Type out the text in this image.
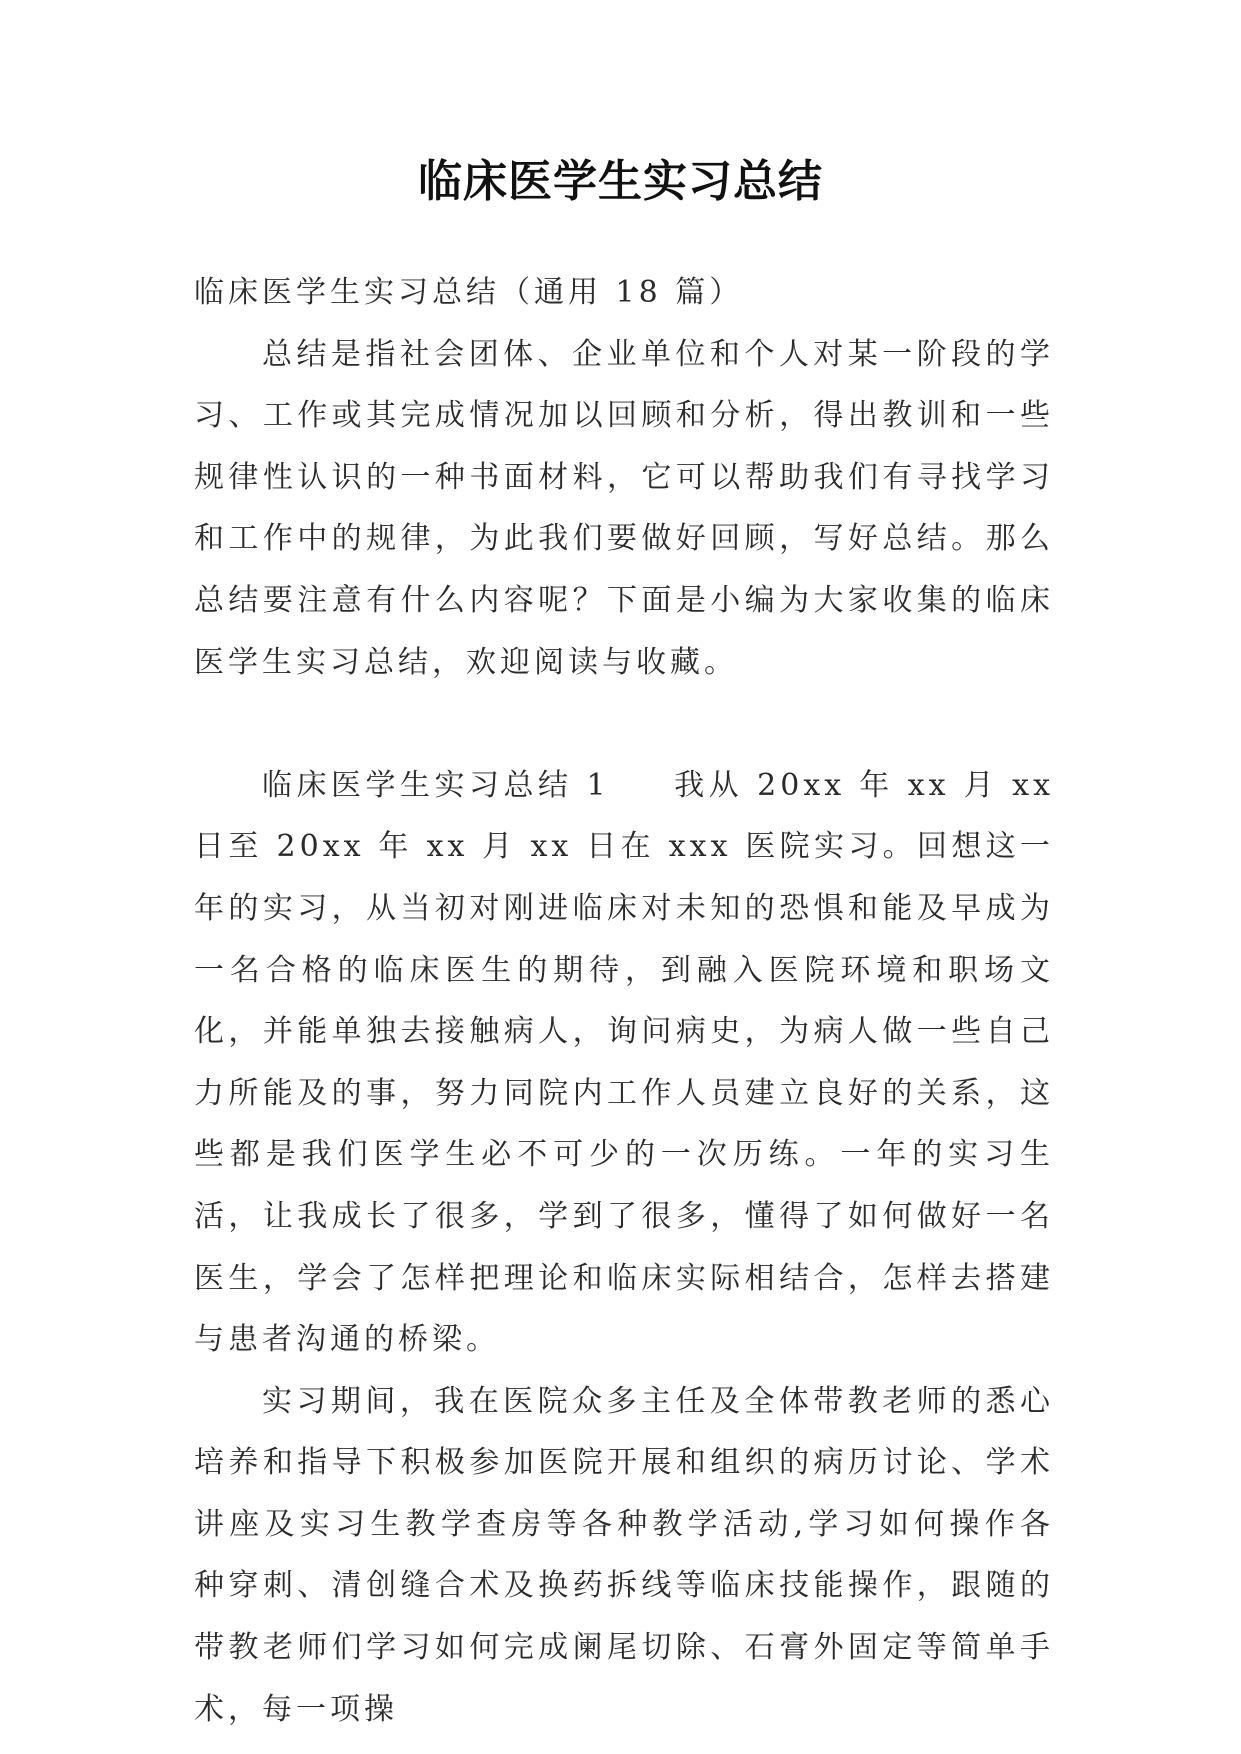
临床医学生实习总结

临床医学生实习总结（通用 18 篇）

总结是指社会团体、企业单位和个人对某一阶段的学习、工作或其完成情况加以回顾和分析，得出教训和一些规律性认识的一种书面材料，它可以帮助我们有寻找学习和工作中的规律，为此我们要做好回顾，写好总结。那么总结要注意有什么内容呢？下面是小编为大家收集的临床医学生实习总结，欢迎阅读与收藏。

临床医学生实习总结 1 我从 20xx 年 xx 月 xx 日至 20xx 年 xx 月 xx 日在 xxx 医院实习。回想这一年的实习，从当初对刚进临床对未知的恐惧和能及早成为一名合格的临床医生的期待，到融入医院环境和职场文化，并能单独去接触病人，询问病史，为病人做一些自己力所能及的事，努力同院内工作人员建立良好的关系，这些都是我们医学生必不可少的一次历练。一年的实习生活，让我成长了很多，学到了很多，懂得了如何做好一名医生，学会了怎样把理论和临床实际相结合，怎样去搭建与患者沟通的桥梁。

实习期间，我在医院众多主任及全体带教老师的悉心培养和指导下积极参加医院开展和组织的病历讨论、学术讲座及实习生教学查房等各种教学活动,学习如何操作各种穿刺、清创缝合术及换药拆线等临床技能操作，跟随的带教老师们学习如何完成阑尾切除、石膏外固定等简单手术，每一项操
